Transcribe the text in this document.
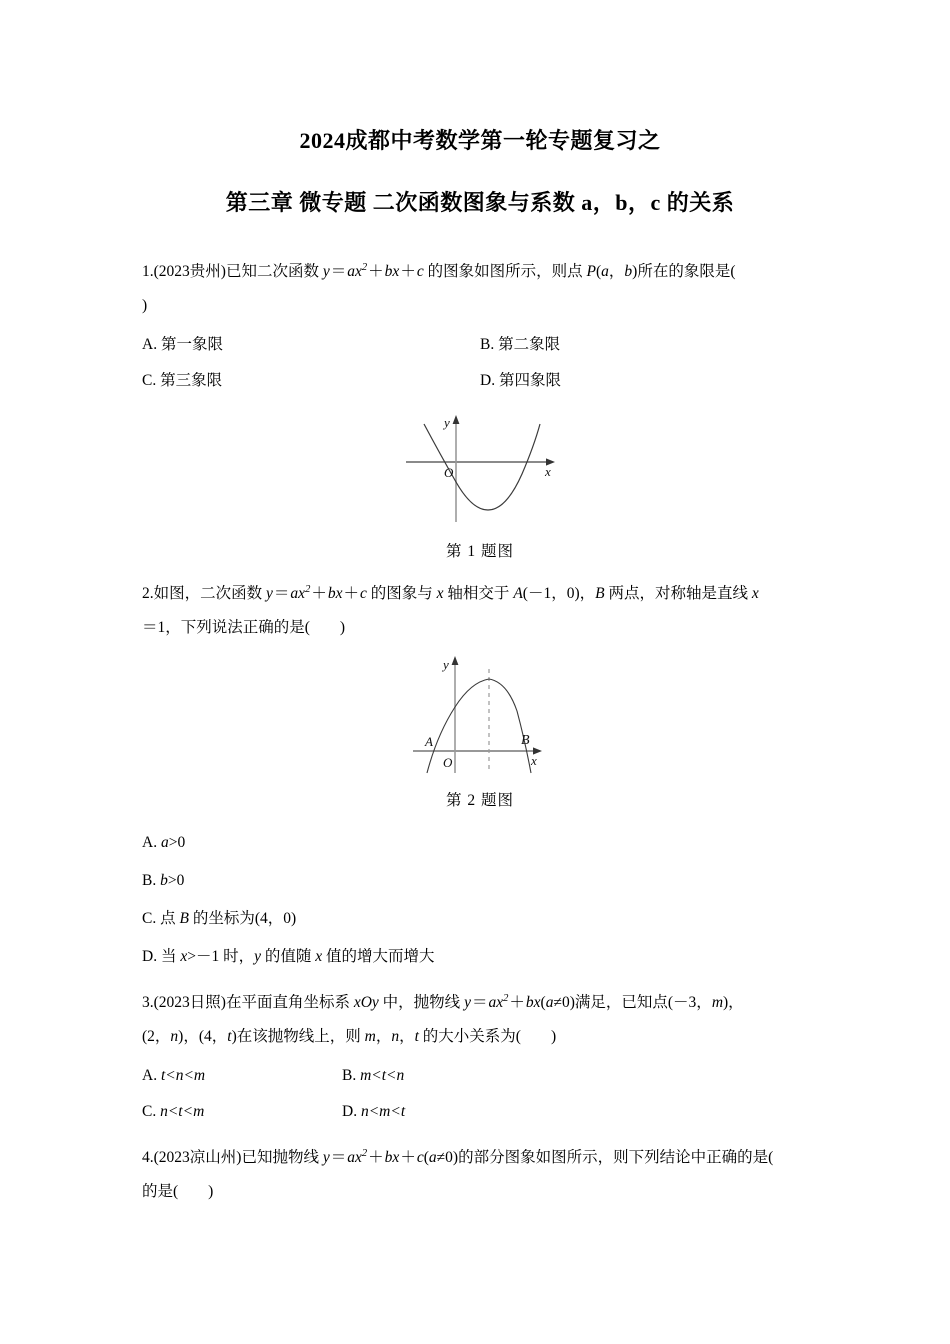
2024成都中考数学第一轮专题复习之
第三章 微专题 二次函数图象与系数 a，b，c 的关系
1.(2023贵州)已知二次函数 $y=ax^2+bx+c$ 的图象如图所示，则点 P(a，b)所在的象限是(
)
A. 第一象限	B. 第二象限
C. 第三象限	D. 第四象限
O	x
y
第 1 题图
2.如图，二次函数 $y=ax^2+bx+c$ 的图象与 x 轴相交于 A(－1，0)，B 两点，对称轴是直线 x
＝1，下列说法正确的是( )
A	B
O	x
y
第 2 题图
A. a>0
B. b>0
C. 点 B 的坐标为(4，0)
D. 当 x>－1 时，y 的值随 x 值的增大而增大
3.(2023日照)在平面直角坐标系 xOy 中，抛物线 $y=ax^2+bx(a\ne 0)$满足，已知点(－3，m)，
(2，n)，(4，t)在该抛物线上，则 m，n，t 的大小关系为( )
A. t<n<m	B. m<t<n
C. n<t<m	D. n<m<t
4.(2023凉山州)已知抛物线 $y=ax^2+bx+c(a\ne 0)$的部分图象如图所示，则下列结论中正确的是(
的是( )
